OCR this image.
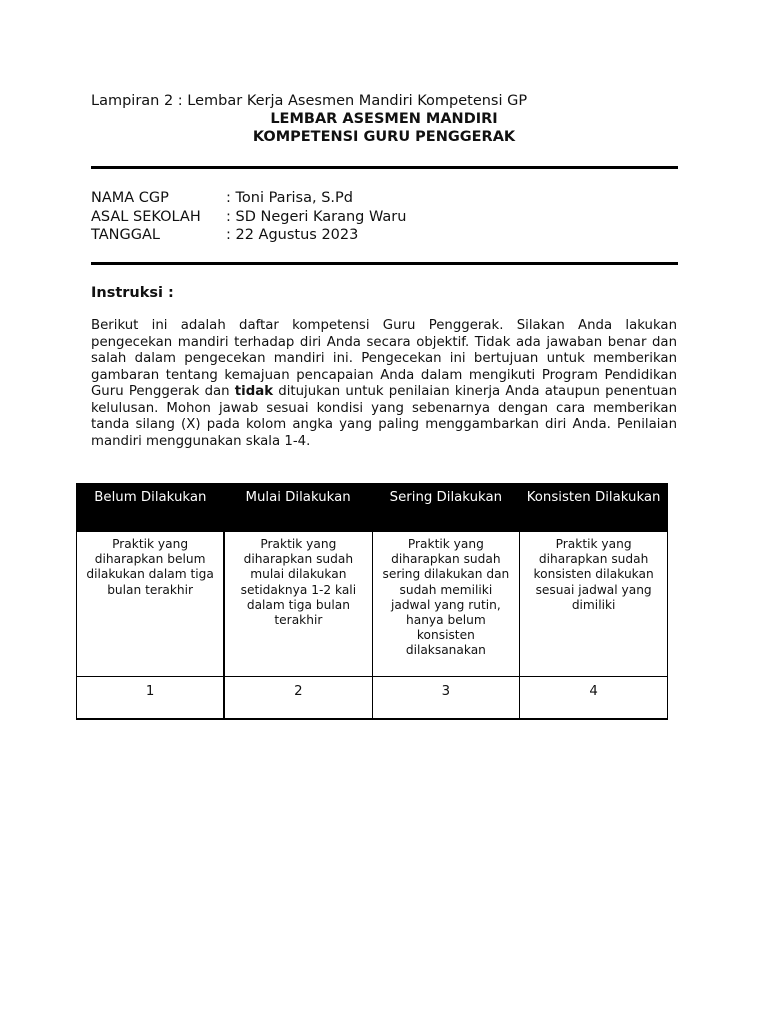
Lampiran 2 : Lembar Kerja Asesmen Mandiri Kompetensi GP
LEMBAR ASESMEN MANDIRI
KOMPETENSI GURU PENGGERAK
NAMA CGP	: Toni Parisa, S.Pd
ASAL SEKOLAH	: SD Negeri Karang Waru
TANGGAL	: 22 Agustus 2023
Instruksi :
Berikut ini adalah daftar kompetensi Guru Penggerak. Silakan Anda lakukan pengecekan mandiri terhadap diri Anda secara objektif. Tidak ada jawaban benar dan salah dalam pengecekan mandiri ini. Pengecekan ini bertujuan untuk memberikan gambaran tentang kemajuan pencapaian Anda dalam mengikuti Program Pendidikan Guru Penggerak dan tidak ditujukan untuk penilaian kinerja Anda ataupun penentuan kelulusan. Mohon jawab sesuai kondisi yang sebenarnya dengan cara memberikan tanda silang (X) pada kolom angka yang paling menggambarkan diri Anda. Penilaian mandiri menggunakan skala 1-4.
Belum Dilakukan	Mulai Dilakukan	Sering Dilakukan	Konsisten Dilakukan
Praktik yang diharapkan belum dilakukan dalam tiga bulan terakhir	Praktik yang diharapkan sudah mulai dilakukan setidaknya 1-2 kali dalam tiga bulan terakhir	Praktik yang diharapkan sudah sering dilakukan dan sudah memiliki jadwal yang rutin, hanya belum konsisten dilaksanakan	Praktik yang diharapkan sudah konsisten dilakukan sesuai jadwal yang dimiliki
1	2	3	4
